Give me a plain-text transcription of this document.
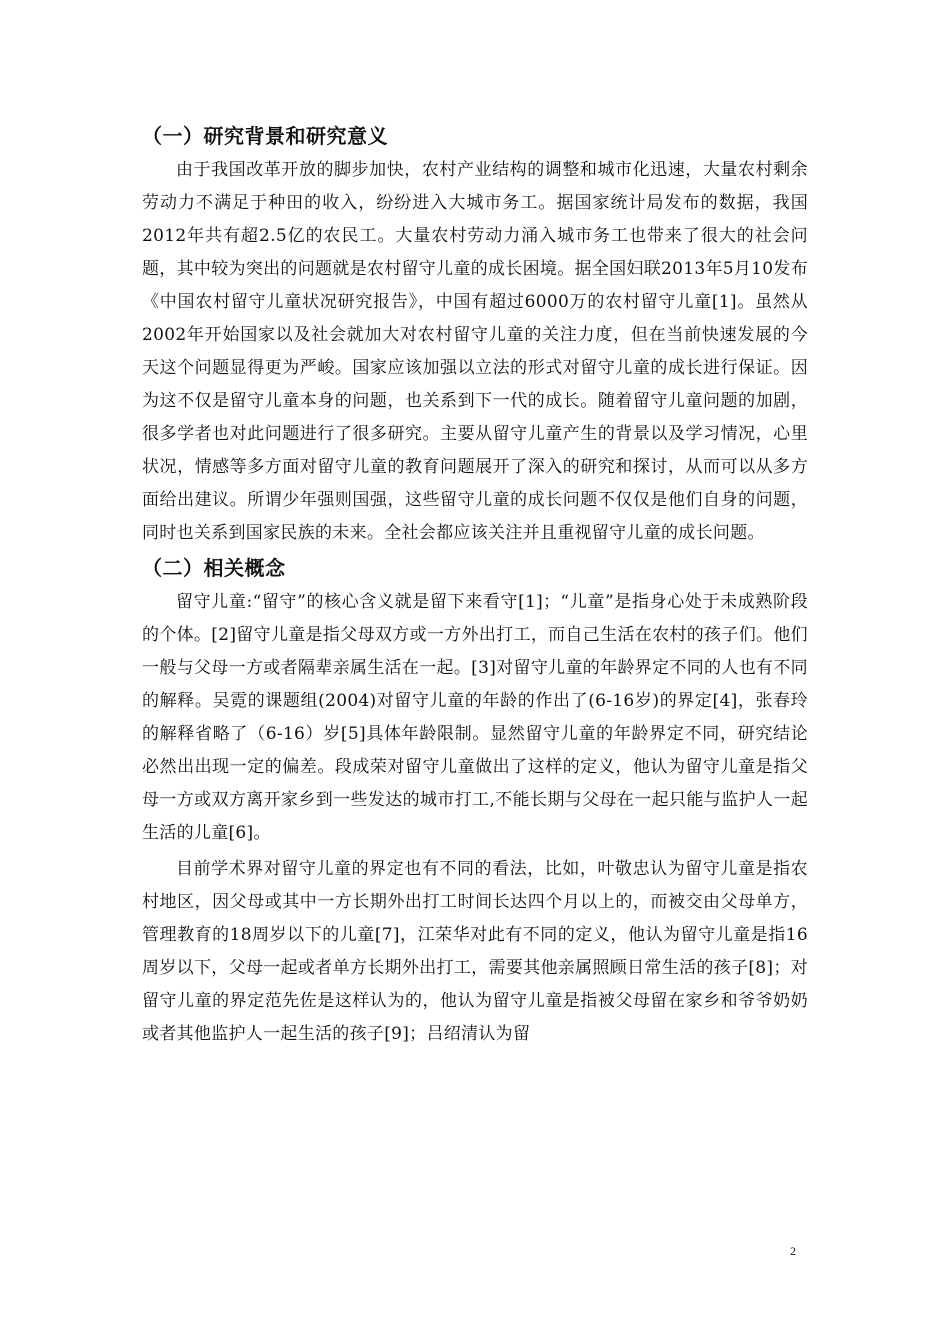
（一）研究背景和研究意义

由于我国改革开放的脚步加快，农村产业结构的调整和城市化迅速，大量农村剩余劳动力不满足于种田的收入，纷纷进入大城市务工。据国家统计局发布的数据，我国2012年共有超2.5亿的农民工。大量农村劳动力涌入城市务工也带来了很大的社会问题，其中较为突出的问题就是农村留守儿童的成长困境。据全国妇联2013年5月10发布《中国农村留守儿童状况研究报告》，中国有超过6000万的农村留守儿童[1]。虽然从2002年开始国家以及社会就加大对农村留守儿童的关注力度，但在当前快速发展的今天这个问题显得更为严峻。国家应该加强以立法的形式对留守儿童的成长进行保证。因为这不仅是留守儿童本身的问题，也关系到下一代的成长。随着留守儿童问题的加剧，很多学者也对此问题进行了很多研究。主要从留守儿童产生的背景以及学习情况，心里状况，情感等多方面对留守儿童的教育问题展开了深入的研究和探讨，从而可以从多方面给出建议。所谓少年强则国强，这些留守儿童的成长问题不仅仅是他们自身的问题，同时也关系到国家民族的未来。全社会都应该关注并且重视留守儿童的成长问题。

（二）相关概念

留守儿童:“留守”的核心含义就是留下来看守[1]；“儿童”是指身心处于未成熟阶段的个体。[2]留守儿童是指父母双方或一方外出打工，而自己生活在农村的孩子们。他们一般与父母一方或者隔辈亲属生活在一起。[3]对留守儿童的年龄界定不同的人也有不同的解释。吴霓的课题组(2004)对留守儿童的年龄的作出了(6-16岁)的界定[4]，张春玲的解释省略了（6-16）岁[5]具体年龄限制。显然留守儿童的年龄界定不同，研究结论必然出出现一定的偏差。段成荣对留守儿童做出了这样的定义，他认为留守儿童是指父母一方或双方离开家乡到一些发达的城市打工,不能长期与父母在一起只能与监护人一起生活的儿童[6]。

目前学术界对留守儿童的界定也有不同的看法，比如，叶敬忠认为留守儿童是指农村地区，因父母或其中一方长期外出打工时间长达四个月以上的，而被交由父母单方，管理教育的18周岁以下的儿童[7]，江荣华对此有不同的定义，他认为留守儿童是指16周岁以下，父母一起或者单方长期外出打工，需要其他亲属照顾日常生活的孩子[8]；对留守儿童的界定范先佐是这样认为的，他认为留守儿童是指被父母留在家乡和爷爷奶奶或者其他监护人一起生活的孩子[9]；吕绍清认为留

2
